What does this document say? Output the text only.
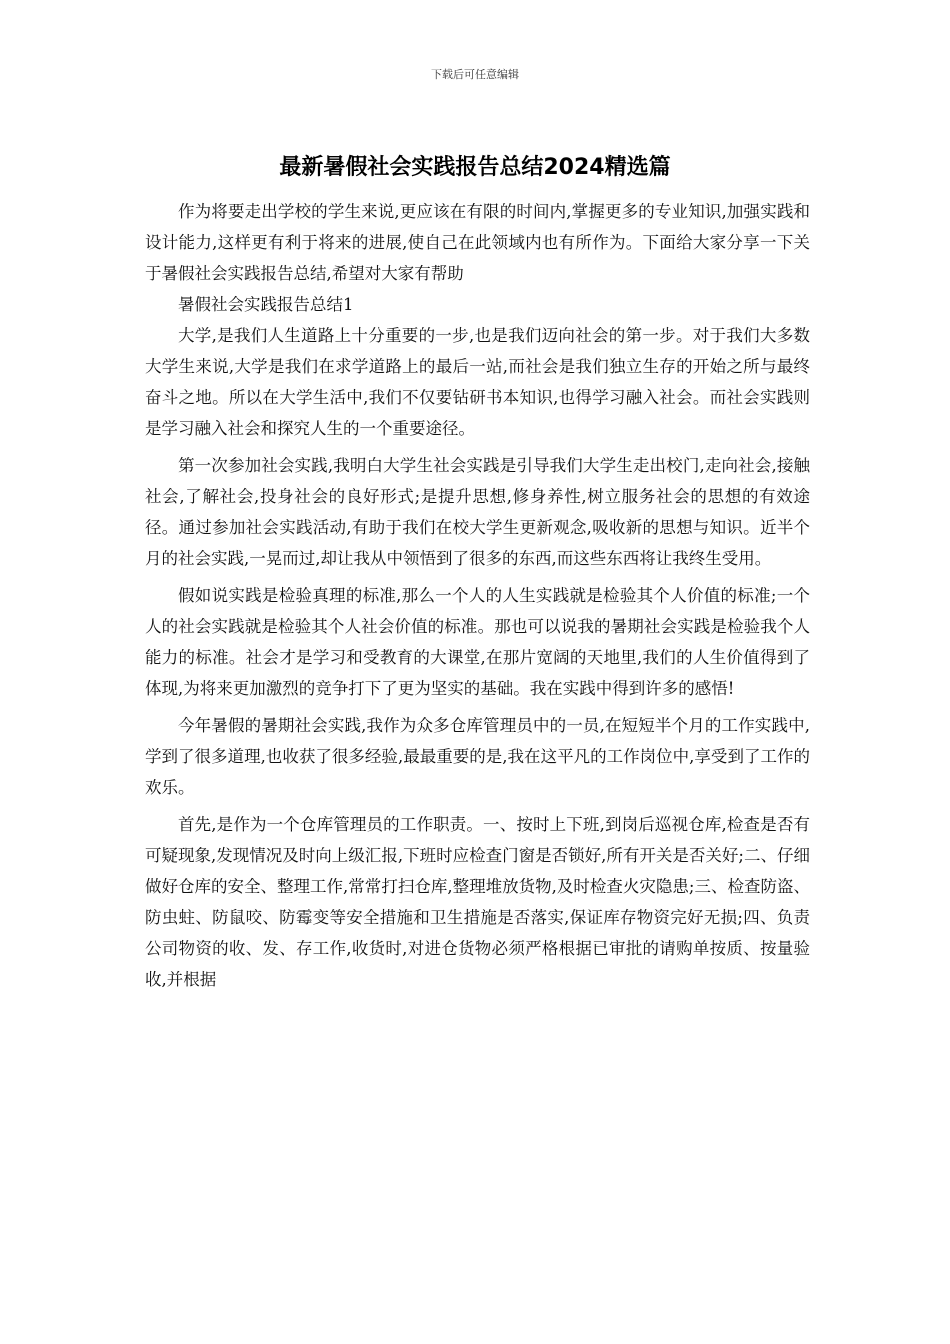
下载后可任意编辑
最新暑假社会实践报告总结2024精选篇

作为将要走出学校的学生来说,更应该在有限的时间内,掌握更多的专业知识,加强实践和设计能力,这样更有利于将来的进展,使自己在此领域内也有所作为。下面给大家分享一下关于暑假社会实践报告总结,希望对大家有帮助

暑假社会实践报告总结1

大学,是我们人生道路上十分重要的一步,也是我们迈向社会的第一步。对于我们大多数大学生来说,大学是我们在求学道路上的最后一站,而社会是我们独立生存的开始之所与最终奋斗之地。所以在大学生活中,我们不仅要钻研书本知识,也得学习融入社会。而社会实践则是学习融入社会和探究人生的一个重要途径。

第一次参加社会实践,我明白大学生社会实践是引导我们大学生走出校门,走向社会,接触社会,了解社会,投身社会的良好形式;是提升思想,修身养性,树立服务社会的思想的有效途径。通过参加社会实践活动,有助于我们在校大学生更新观念,吸收新的思想与知识。近半个月的社会实践,一晃而过,却让我从中领悟到了很多的东西,而这些东西将让我终生受用。

假如说实践是检验真理的标准,那么一个人的人生实践就是检验其个人价值的标准;一个人的社会实践就是检验其个人社会价值的标准。那也可以说我的暑期社会实践是检验我个人能力的标准。社会才是学习和受教育的大课堂,在那片宽阔的天地里,我们的人生价值得到了体现,为将来更加激烈的竞争打下了更为坚实的基础。我在实践中得到许多的感悟!

今年暑假的暑期社会实践,我作为众多仓库管理员中的一员,在短短半个月的工作实践中,学到了很多道理,也收获了很多经验,最最重要的是,我在这平凡的工作岗位中,享受到了工作的欢乐。

首先,是作为一个仓库管理员的工作职责。一、按时上下班,到岗后巡视仓库,检查是否有可疑现象,发现情况及时向上级汇报,下班时应检查门窗是否锁好,所有开关是否关好;二、仔细做好仓库的安全、整理工作,常常打扫仓库,整理堆放货物,及时检查火灾隐患;三、检查防盗、防虫蛀、防鼠咬、防霉变等安全措施和卫生措施是否落实,保证库存物资完好无损;四、负责公司物资的收、发、存工作,收货时,对进仓货物必须严格根据已审批的请购单按质、按量验收,并根据
